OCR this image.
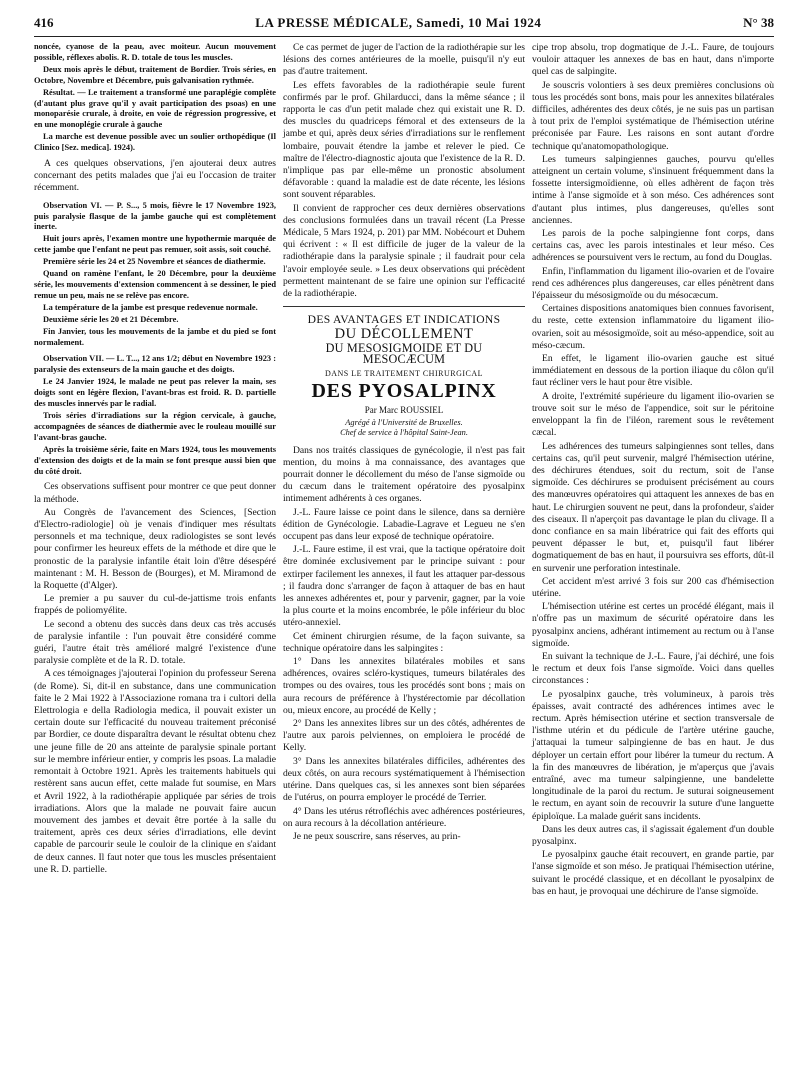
416	LA PRESSE MÉDICALE, Samedi, 10 Mai 1924	N° 38

noncée, cyanose de la peau, avec moiteur. Aucun mouvement possible, réflexes abolis. R. D. totale de tous les muscles.

Deux mois après le début, traitement de Bordier. Trois séries, en Octobre, Novembre et Décembre, puis galvanisation rythmée.

Résultat. — Le traitement a transformé une paraplégie complète (d'autant plus grave qu'il y avait participation des psoas) en une monoparésie crurale, à droite, en voie de régression progressive, et en une monoplégie crurale à gauche

La marche est devenue possible avec un soulier orthopédique (Il Clinico [Sez. medica]. 1924).

A ces quelques observations, j'en ajouterai deux autres concernant des petits malades que j'ai eu l'occasion de traiter récemment.

Observation VI. — P. S..., 5 mois, fièvre le 17 Novembre 1923, puis paralysie flasque de la jambe gauche qui est complètement inerte.

Huit jours après, l'examen montre une hypothermie marquée de cette jambe que l'enfant ne peut pas remuer, soit assis, soit couché.

Première série les 24 et 25 Novembre et séances de diathermie.

Quand on ramène l'enfant, le 20 Décembre, pour la deuxième série, les mouvements d'extension commencent à se dessiner, le pied remue un peu, mais ne se relève pas encore.

La température de la jambe est presque redevenue normale.

Deuxième série les 20 et 21 Décembre.

Fin Janvier, tous les mouvements de la jambe et du pied se font normalement.

Observation VII. — L. T..., 12 ans 1/2; début en Novembre 1923 : paralysie des extenseurs de la main gauche et des doigts.

Le 24 Janvier 1924, le malade ne peut pas relever la main, ses doigts sont en légère flexion, l'avant-bras est froid. R. D. partielle des muscles innervés par le radial.

Trois séries d'irradiations sur la région cervicale, à gauche, accompagnées de séances de diathermie avec le rouleau mouillé sur l'avant-bras gauche.

Après la troisième série, faite en Mars 1924, tous les mouvements d'extension des doigts et de la main se font presque aussi bien que du côté droit.

Ces observations suffisent pour montrer ce que peut donner la méthode.

Au Congrès de l'avancement des Sciences, [Section d'Electro-radiologie] où je venais d'indiquer mes résultats personnels et ma technique, deux radiologistes se sont levés pour confirmer les heureux effets de la méthode et dire que le pronostic de la paralysie infantile était loin d'être désespéré maintenant : M. H. Besson de (Bourges), et M. Miramond de la Roquette (d'Alger).

Le premier a pu sauver du cul-de-jattisme trois enfants frappés de poliomyélite.

Le second a obtenu des succès dans deux cas très accusés de paralysie infantile : l'un pouvait être considéré comme guéri, l'autre était très amélioré malgré l'existence d'une paralysie complète et de la R. D. totale.

A ces témoignages j'ajouterai l'opinion du professeur Serena (de Rome). Si, dit-il en substance, dans une communication faite le 2 Mai 1922 à l'Associazione romana tra i cultori della Elettrologia e della Radiologia medica, il pouvait exister un certain doute sur l'efficacité du nouveau traitement préconisé par Bordier, ce doute disparaîtra devant le résultat obtenu chez une jeune fille de 20 ans atteinte de paralysie spinale portant sur le membre inférieur entier, y compris les psoas. La maladie remontait à Octobre 1921. Après les traitements habituels qui restèrent sans aucun effet, cette malade fut soumise, en Mars et Avril 1922, à la radiothérapie appliquée par séries de trois irradiations. Alors que la malade ne pouvait faire aucun mouvement des jambes et devait être portée à la salle du traitement, après ces deux séries d'irradiations, elle devint capable de parcourir seule le couloir de la clinique en s'aidant de deux cannes. Il faut noter que tous les muscles présentaient une R. D. partielle.

Ce cas permet de juger de l'action de la radiothérapie sur les lésions des cornes antérieures de la moelle, puisqu'il n'y eut pas d'autre traitement.

Les effets favorables de la radiothérapie seule furent confirmés par le prof. Ghilarducci, dans la même séance ; il rapporta le cas d'un petit malade chez qui existait une R. D. des muscles du quadriceps fémoral et des extenseurs de la jambe et qui, après deux séries d'irradiations sur le renflement lombaire, pouvait étendre la jambe et relever le pied. Ce maître de l'électro-diagnostic ajouta que l'existence de la R. D. n'implique pas par elle-même un pronostic absolument défavorable : quand la maladie est de date récente, les lésions sont souvent réparables.

Il convient de rapprocher ces deux dernières observations des conclusions formulées dans un travail récent (La Presse Médicale, 5 Mars 1924, p. 201) par MM. Nobécourt et Duhem qui écrivent : « Il est difficile de juger de la valeur de la radiothérapie dans la paralysie spinale ; il faudrait pour cela l'avoir employée seule. » Les deux observations qui précèdent permettent maintenant de se faire une opinion sur l'efficacité de la radiothérapie.

DES AVANTAGES ET INDICATIONS
DU DÉCOLLEMENT
DU MESOSIGMOIDE ET DU MESOCÆCUM
DANS LE TRAITEMENT CHIRURGICAL
DES PYOSALPINX
Par Marc ROUSSIEL
Agrégé à l'Université de Bruxelles.
Chef de service à l'hôpital Saint-Jean.

Dans nos traités classiques de gynécologie, il n'est pas fait mention, du moins à ma connaissance, des avantages que pourrait donner le décollement du méso de l'anse sigmoïde ou du cæcum dans le traitement opératoire des pyosalpinx intimement adhérents à ces organes.

J.-L. Faure laisse ce point dans le silence, dans sa dernière édition de Gynécologie. Labadie-Lagrave et Legueu ne s'en occupent pas dans leur exposé de technique opératoire.

J.-L. Faure estime, il est vrai, que la tactique opératoire doit être dominée exclusivement par le principe suivant : pour extirper facilement les annexes, il faut les attaquer par-dessous ; il faudra donc s'arranger de façon à attaquer de bas en haut les annexes adhérentes et, pour y parvenir, gagner, par la voie la plus courte et la moins encombrée, le pôle inférieur du bloc utéro-annexiel.

Cet éminent chirurgien résume, de la façon suivante, sa technique opératoire dans les salpingites :

1° Dans les annexites bilatérales mobiles et sans adhérences, ovaires scléro-kystiques, tumeurs bilatérales des trompes ou des ovaires, tous les procédés sont bons ; mais on aura recours de préférence à l'hystérectomie par décollation ou, mieux encore, au procédé de Kelly ;

2° Dans les annexites libres sur un des côtés, adhérentes de l'autre aux parois pelviennes, on emploiera le procédé de Kelly.

3° Dans les annexites bilatérales difficiles, adhérentes des deux côtés, on aura recours systématiquement à l'hémisection utérine. Dans quelques cas, si les annexes sont bien séparées de l'utérus, on pourra employer le procédé de Terrier.

4° Dans les utérus rétrofléchis avec adhérences postérieures, on aura recours à la décollation antérieure.

Je ne peux souscrire, sans réserves, au prin-

cipe trop absolu, trop dogmatique de J.-L. Faure, de toujours vouloir attaquer les annexes de bas en haut, dans n'importe quel cas de salpingite.

Je souscris volontiers à ses deux premières conclusions où tous les procédés sont bons, mais pour les annexites bilatérales difficiles, adhérentes des deux côtés, je ne suis pas un partisan à tout prix de l'emploi systématique de l'hémisection utérine préconisée par Faure. Les raisons en sont autant d'ordre technique qu'anatomopathologique.

Les tumeurs salpingiennes gauches, pourvu qu'elles atteignent un certain volume, s'insinuent fréquemment dans la fossette intersigmoïdienne, où elles adhèrent de façon très intime à l'anse sigmoïde et à son méso. Ces adhérences sont d'autant plus intimes, plus dangereuses, qu'elles sont anciennes.

Les parois de la poche salpingienne font corps, dans certains cas, avec les parois intestinales et leur méso. Ces adhérences se poursuivent vers le rectum, au fond du Douglas.

Enfin, l'inflammation du ligament ilio-ovarien et de l'ovaire rend ces adhérences plus dangereuses, car elles pénètrent dans l'épaisseur du mésosigmoïde ou du mésocæcum.

Certaines dispositions anatomiques bien connues favorisent, du reste, cette extension inflammatoire du ligament ilio-ovarien, soit au mésosigmoïde, soit au méso-appendice, soit au méso-cæcum.

En effet, le ligament ilio-ovarien gauche est situé immédiatement en dessous de la portion iliaque du côlon qu'il faut récliner vers le haut pour être visible.

A droite, l'extrémité supérieure du ligament ilio-ovarien se trouve soit sur le méso de l'appendice, soit sur le péritoine enveloppant la fin de l'iléon, rarement sous le revêtement cæcal.

Les adhérences des tumeurs salpingiennes sont telles, dans certains cas, qu'il peut survenir, malgré l'hémisection utérine, des déchirures étendues, soit du rectum, soit de l'anse sigmoïde. Ces déchirures se produisent précisément au cours des manœuvres opératoires qui attaquent les annexes de bas en haut. Le chirurgien souvent ne peut, dans la profondeur, s'aider des ciseaux. Il n'aperçoit pas davantage le plan du clivage. Il a donc confiance en sa main libératrice qui fait des efforts qui peuvent dépasser le but, et, puisqu'il faut libérer dogmatiquement de bas en haut, il poursuivra ses efforts, dût-il en survenir une perforation intestinale.

Cet accident m'est arrivé 3 fois sur 200 cas d'hémisection utérine.

L'hémisection utérine est certes un procédé élégant, mais il n'offre pas un maximum de sécurité opératoire dans les pyosalpinx anciens, adhérant intimement au rectum ou à l'anse sigmoïde.

En suivant la technique de J.-L. Faure, j'ai déchiré, une fois le rectum et deux fois l'anse sigmoïde. Voici dans quelles circonstances :

Le pyosalpinx gauche, très volumineux, à parois très épaisses, avait contracté des adhérences intimes avec le rectum. Après hémisection utérine et section transversale de l'isthme utérin et du pédicule de l'artère utérine gauche, j'attaquai la tumeur salpingienne de bas en haut. Je dus déployer un certain effort pour libérer la tumeur du rectum. A la fin des manœuvres de libération, je m'aperçus que j'avais entraîné, avec ma tumeur salpingienne, une bandelette longitudinale de la paroi du rectum. Je suturai soigneusement le rectum, en ayant soin de recouvrir la suture d'une languette épiploïque. La malade guérit sans incidents.

Dans les deux autres cas, il s'agissait également d'un double pyosalpinx.

Le pyosalpinx gauche était recouvert, en grande partie, par l'anse sigmoïde et son méso. Je pratiquai l'hémisection utérine, suivant le procédé classique, et en décollant le pyosalpinx de bas en haut, je provoquai une déchirure de l'anse sigmoïde.
